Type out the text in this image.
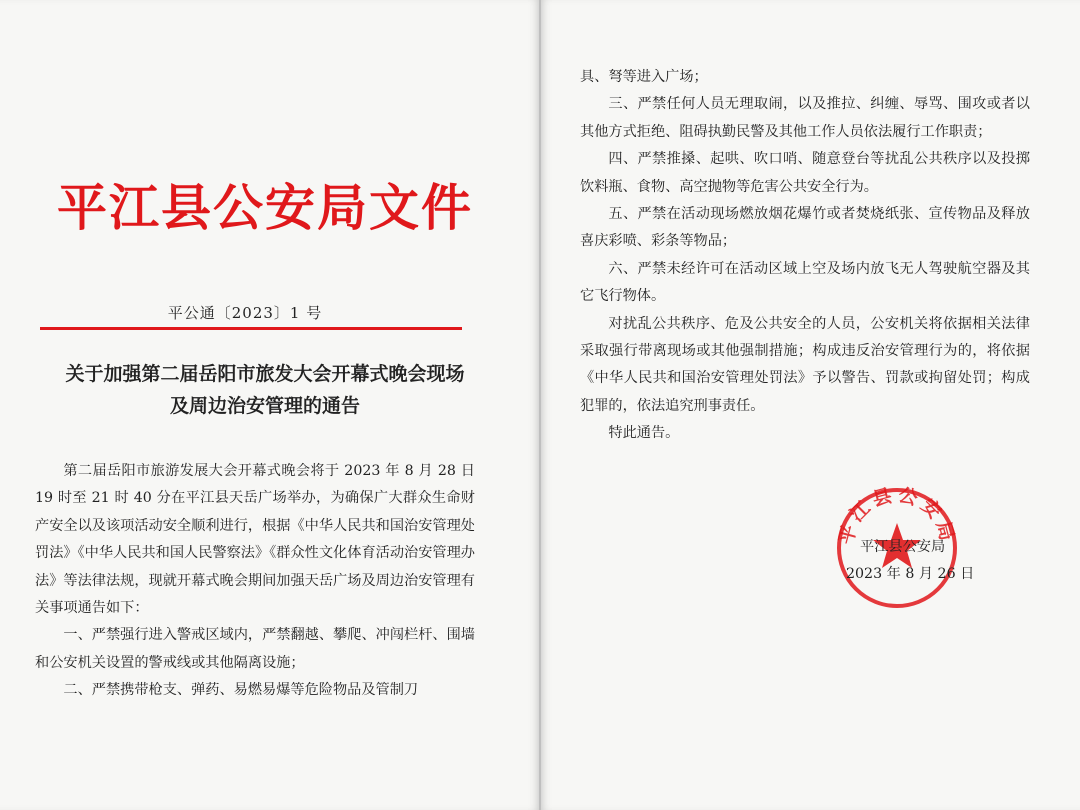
平江县公安局文件
平公通〔2023〕1 号
关于加强第二届岳阳市旅发大会开幕式晚会现场
及周边治安管理的通告

第二届岳阳市旅游发展大会开幕式晚会将于 2023 年 8 月 28 日 19 时至 21 时 40 分在平江县天岳广场举办，为确保广大群众生命财产安全以及该项活动安全顺利进行，根据《中华人民共和国治安管理处罚法》《中华人民共和国人民警察法》《群众性文化体育活动治安管理办法》等法律法规，现就开幕式晚会期间加强天岳广场及周边治安管理有关事项通告如下：

一、严禁强行进入警戒区域内，严禁翻越、攀爬、冲闯栏杆、围墙和公安机关设置的警戒线或其他隔离设施；

二、严禁携带枪支、弹药、易燃易爆等危险物品及管制刀

具、弩等进入广场；

三、严禁任何人员无理取闹，以及推拉、纠缠、辱骂、围攻或者以其他方式拒绝、阻碍执勤民警及其他工作人员依法履行工作职责；

四、严禁推搡、起哄、吹口哨、随意登台等扰乱公共秩序以及投掷饮料瓶、食物、高空抛物等危害公共安全行为。

五、严禁在活动现场燃放烟花爆竹或者焚烧纸张、宣传物品及释放喜庆彩喷、彩条等物品；

六、严禁未经许可在活动区域上空及场内放飞无人驾驶航空器及其它飞行物体。

对扰乱公共秩序、危及公共安全的人员，公安机关将依据相关法律采取强行带离现场或其他强制措施；构成违反治安管理行为的，将依据《中华人民共和国治安管理处罚法》予以警告、罚款或拘留处罚；构成犯罪的，依法追究刑事责任。

特此通告。

平江县公安局
平江县公安局
2023 年 8 月 26 日
